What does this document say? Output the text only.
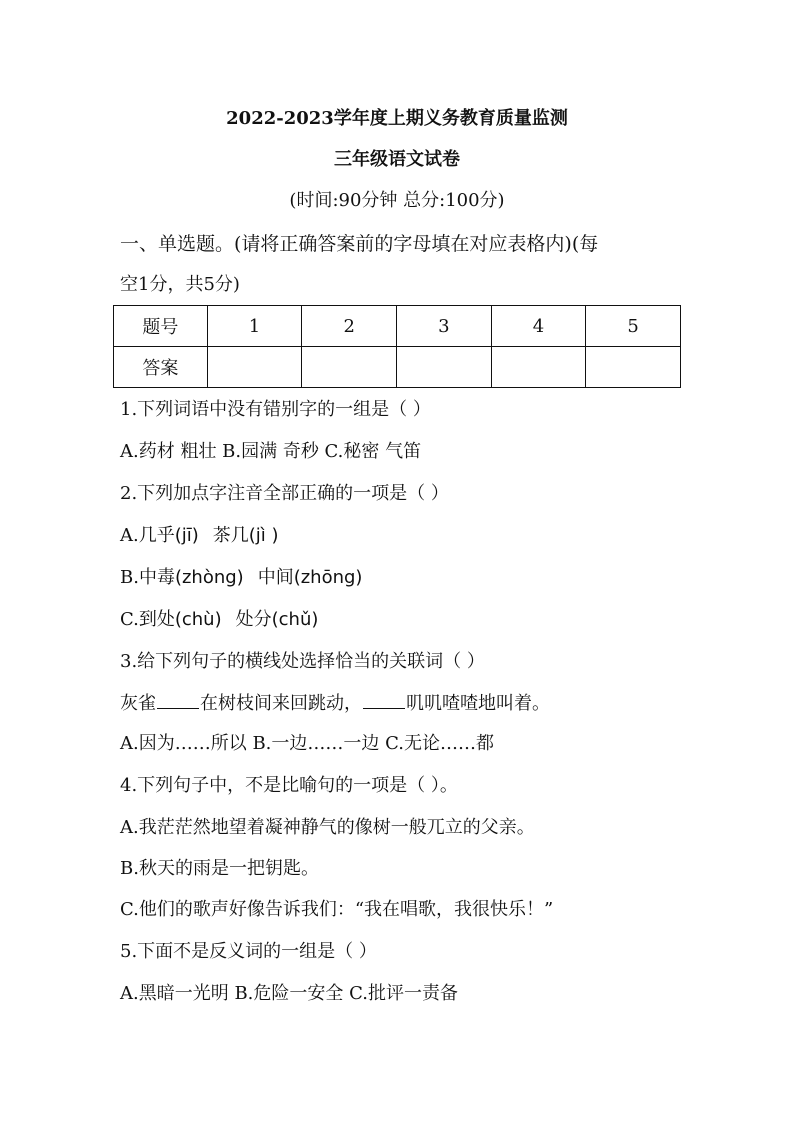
2022-2023学年度上期义务教育质量监测
三年级语文试卷
(时间:90分钟 总分:100分)
一、单选题。(请将正确答案前的字母填在对应表格内)(每
空1分，共5分)
题号	1	2	3	4	5
答案					
1.下列词语中没有错别字的一组是（ ）
A.药材 粗壮 B.园满 奇秒 C.秘密 气笛
2.下列加点字注音全部正确的一项是（ ）
A.几乎(jī) 茶几(jì )
B.中毒(zhòng) 中间(zhōng)
C.到处(chù) 处分(chǔ)
3.给下列句子的横线处选择恰当的关联词（ ）
灰雀 在树枝间来回跳动， 叽叽喳喳地叫着。
A.因为……所以 B.一边……一边 C.无论……都
4.下列句子中，不是比喻句的一项是（ ）。
A.我茫茫然地望着凝神静气的像树一般兀立的父亲。
B.秋天的雨是一把钥匙。
C.他们的歌声好像告诉我们：“我在唱歌，我很快乐！”
5.下面不是反义词的一组是（ ）
A.黑暗一光明 B.危险一安全 C.批评一责备
